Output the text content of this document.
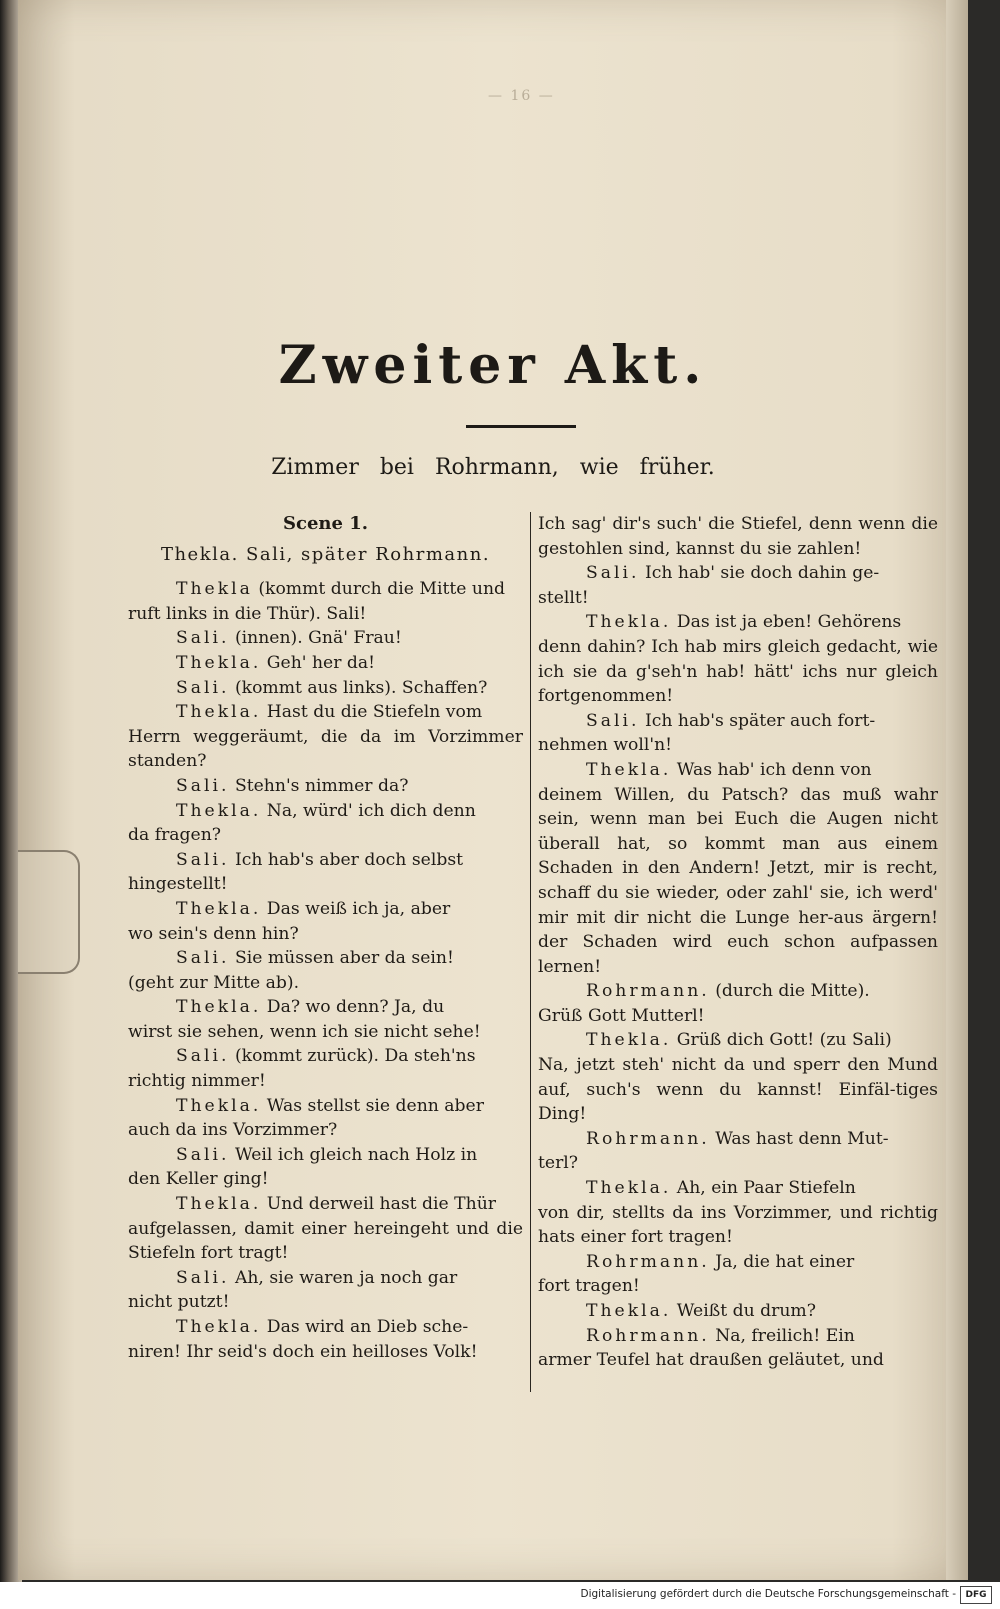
— 16 —
Zweiter Akt.
Zimmer bei Rohrmann, wie früher.

Scene 1.

Thekla. Sali, später Rohrmann.

Thekla (kommt durch die Mitte und

ruft links in die Thür). Sali!

Sali. (innen). Gnä' Frau!

Thekla. Geh' her da!

Sali. (kommt aus links). Schaffen?

Thekla. Hast du die Stiefeln vom

Herrn weggeräumt, die da im Vorzimmer standen?

Sali. Stehn's nimmer da?

Thekla. Na, würd' ich dich denn

da fragen?

Sali. Ich hab's aber doch selbst

hingestellt!

Thekla. Das weiß ich ja, aber

wo sein's denn hin?

Sali. Sie müssen aber da sein!

(geht zur Mitte ab).

Thekla. Da? wo denn? Ja, du

wirst sie sehen, wenn ich sie nicht sehe!

Sali. (kommt zurück). Da steh'ns

richtig nimmer!

Thekla. Was stellst sie denn aber

auch da ins Vorzimmer?

Sali. Weil ich gleich nach Holz in

den Keller ging!

Thekla. Und derweil hast die Thür

aufgelassen, damit einer hereingeht und die Stiefeln fort tragt!

Sali. Ah, sie waren ja noch gar

nicht putzt!

Thekla. Das wird an Dieb sche-

niren! Ihr seid's doch ein heilloses Volk!

Ich sag' dir's such' die Stiefel, denn wenn die gestohlen sind, kannst du sie zahlen!

Sali. Ich hab' sie doch dahin ge-

stellt!

Thekla. Das ist ja eben! Gehörens

denn dahin? Ich hab mirs gleich gedacht, wie ich sie da g'seh'n hab! hätt' ichs nur gleich fortgenommen!

Sali. Ich hab's später auch fort-

nehmen woll'n!

Thekla. Was hab' ich denn von

deinem Willen, du Patsch? das muß wahr sein, wenn man bei Euch die Augen nicht überall hat, so kommt man aus einem Schaden in den Andern! Jetzt, mir is recht, schaff du sie wieder, oder zahl' sie, ich werd' mir mit dir nicht die Lunge her-aus ärgern! der Schaden wird euch schon aufpassen lernen!

Rohrmann. (durch die Mitte).

Grüß Gott Mutterl!

Thekla. Grüß dich Gott! (zu Sali)

Na, jetzt steh' nicht da und sperr den Mund auf, such's wenn du kannst! Einfäl-tiges Ding!

Rohrmann. Was hast denn Mut-

terl?

Thekla. Ah, ein Paar Stiefeln

von dir, stellts da ins Vorzimmer, und richtig hats einer fort tragen!

Rohrmann. Ja, die hat einer

fort tragen!

Thekla. Weißt du drum?

Rohrmann. Na, freilich! Ein

armer Teufel hat draußen geläutet, und

Digitalisierung gefördert durch die Deutsche Forschungsgemeinschaft -	DFG
